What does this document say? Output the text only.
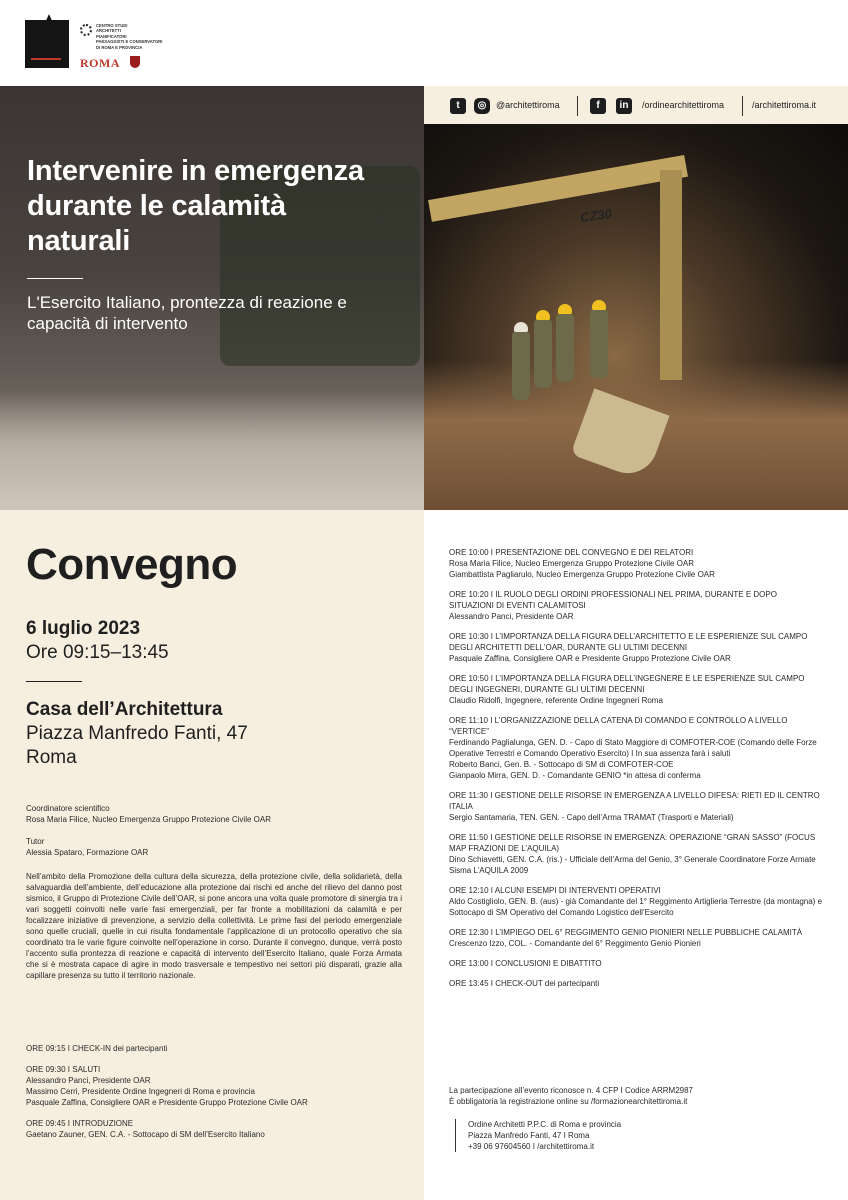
CENTRO STUDI
ARCHITETTI
PIANIFICATORI
PAESAGGISTI E CONSERVATORI
DI ROMA E PROVINCIA
ROMA
CZ30
t	◎	@architettiroma	f	in	/ordinearchitettiroma	/architettiroma.it
Intervenire in emergenza durante le calamità naturali
L'Esercito Italiano, prontezza di reazione e capacità di intervento
Convegno
6 luglio 2023
Ore 09:15–13:45
Casa dell’Architettura
Piazza Manfredo Fanti, 47
Roma

Coordinatore scientifico

Rosa Maria Filice, Nucleo Emergenza Gruppo Protezione Civile OAR

Tutor

Alessia Spataro, Formazione OAR

Nell’ambito della Promozione della cultura della sicurezza, della protezione civile, della solidarietà, della salvaguardia dell’ambiente, dell’educazione alla protezione dai rischi ed anche del rilievo del danno post sismico, il Gruppo di Protezione Civile dell’OAR, si pone ancora una volta quale promotore di sinergia tra i vari soggetti coinvolti nelle varie fasi emergenziali, per far fronte a mobilitazioni da calamità e per focalizzare iniziative di prevenzione, a servizio della collettività. Le prime fasi del periodo emergenziale sono quelle cruciali, quelle in cui risulta fondamentale l’applicazione di un protocollo operativo che sia coordinato tra le varie figure coinvolte nell’operazione in corso. Durante il convegno, dunque, verrà posto l’accento sulla prontezza di reazione e capacità di intervento dell’Esercito Italiano, quale Forza Armata che si è mostrata capace di agire in modo trasversale e tempestivo nei settori più disparati, grazie alla capillare presenza su tutto il territorio nazionale.
ORE 09:15 I CHECK-IN dei partecipanti
ORE 09:30 I SALUTI
Alessandro Panci, Presidente OAR
Massimo Cerri, Presidente Ordine Ingegneri di Roma e provincia
Pasquale Zaffina, Consigliere OAR e Presidente Gruppo Protezione Civile OAR
ORE 09:45 I INTRODUZIONE
Gaetano Zauner, GEN. C.A. - Sottocapo di SM dell’Esercito Italiano
ORE 10:00 I PRESENTAZIONE DEL CONVEGNO E DEI RELATORI
Rosa Maria Filice, Nucleo Emergenza Gruppo Protezione Civile OAR
Giambattista Pagliarulo, Nucleo Emergenza Gruppo Protezione Civile OAR
ORE 10:20 I IL RUOLO DEGLI ORDINI PROFESSIONALI NEL PRIMA, DURANTE E DOPO SITUAZIONI DI EVENTI CALAMITOSI
Alessandro Panci, Presidente OAR
ORE 10:30 I L’IMPORTANZA DELLA FIGURA DELL’ARCHITETTO E LE ESPERIENZE SUL CAMPO DEGLI ARCHITETTI DELL’OAR, DURANTE GLI ULTIMI DECENNI
Pasquale Zaffina, Consigliere OAR e Presidente Gruppo Protezione Civile OAR
ORE 10:50 I L’IMPORTANZA DELLA FIGURA DELL’INGEGNERE E LE ESPERIENZE SUL CAMPO DEGLI INGEGNERI, DURANTE GLI ULTIMI DECENNI
Claudio Ridolfi, Ingegnere, referente Ordine Ingegneri Roma
ORE 11:10 I L’ORGANIZZAZIONE DELLA CATENA DI COMANDO E CONTROLLO A LIVELLO “VERTICE”
Ferdinando Paglialunga, GEN. D. - Capo di Stato Maggiore di COMFOTER-COE (Comando delle Forze Operative Terrestri e Comando Operativo Esercito) I In sua assenza farà i saluti
Roberto Banci, Gen. B. - Sottocapo di SM di COMFOTER-COE
Gianpaolo Mirra, GEN. D. - Comandante GENIO *in attesa di conferma
ORE 11:30 I GESTIONE DELLE RISORSE IN EMERGENZA A LIVELLO DIFESA: RIETI ED IL CENTRO ITALIA
Sergio Santamaria, TEN. GEN. - Capo dell’Arma TRAMAT (Trasporti e Materiali)
ORE 11:50 I GESTIONE DELLE RISORSE IN EMERGENZA: OPERAZIONE “GRAN SASSO” (FOCUS MAP FRAZIONI DE L’AQUILA)
Dino Schiavetti, GEN. C.A. (ris.) - Ufficiale dell’Arma del Genio, 3° Generale Coordinatore Forze Armate Sisma L’AQUILA 2009
ORE 12:10 I ALCUNI ESEMPI DI INTERVENTI OPERATIVI
Aldo Costigliolo, GEN. B. (aus) - già Comandante del 1° Reggimento Artiglieria Terrestre (da montagna) e Sottocapo di SM Operativo del Comando Logistico dell’Esercito
ORE 12:30 I L’IMPIEGO DEL 6° REGGIMENTO GENIO PIONIERI NELLE PUBBLICHE CALAMITÀ
Crescenzo Izzo, COL. - Comandante del 6° Reggimento Genio Pionieri
ORE 13:00 I CONCLUSIONI E DIBATTITO
ORE 13:45 I CHECK-OUT dei partecipanti
La partecipazione all’evento riconosce n. 4 CFP I Codice ARRM2987
È obbligatoria la registrazione online su /formazionearchitettiroma.it
Ordine Architetti P.P.C. di Roma e provincia
Piazza Manfredo Fanti, 47 I Roma
+39 06 97604560 I /architettiroma.it
